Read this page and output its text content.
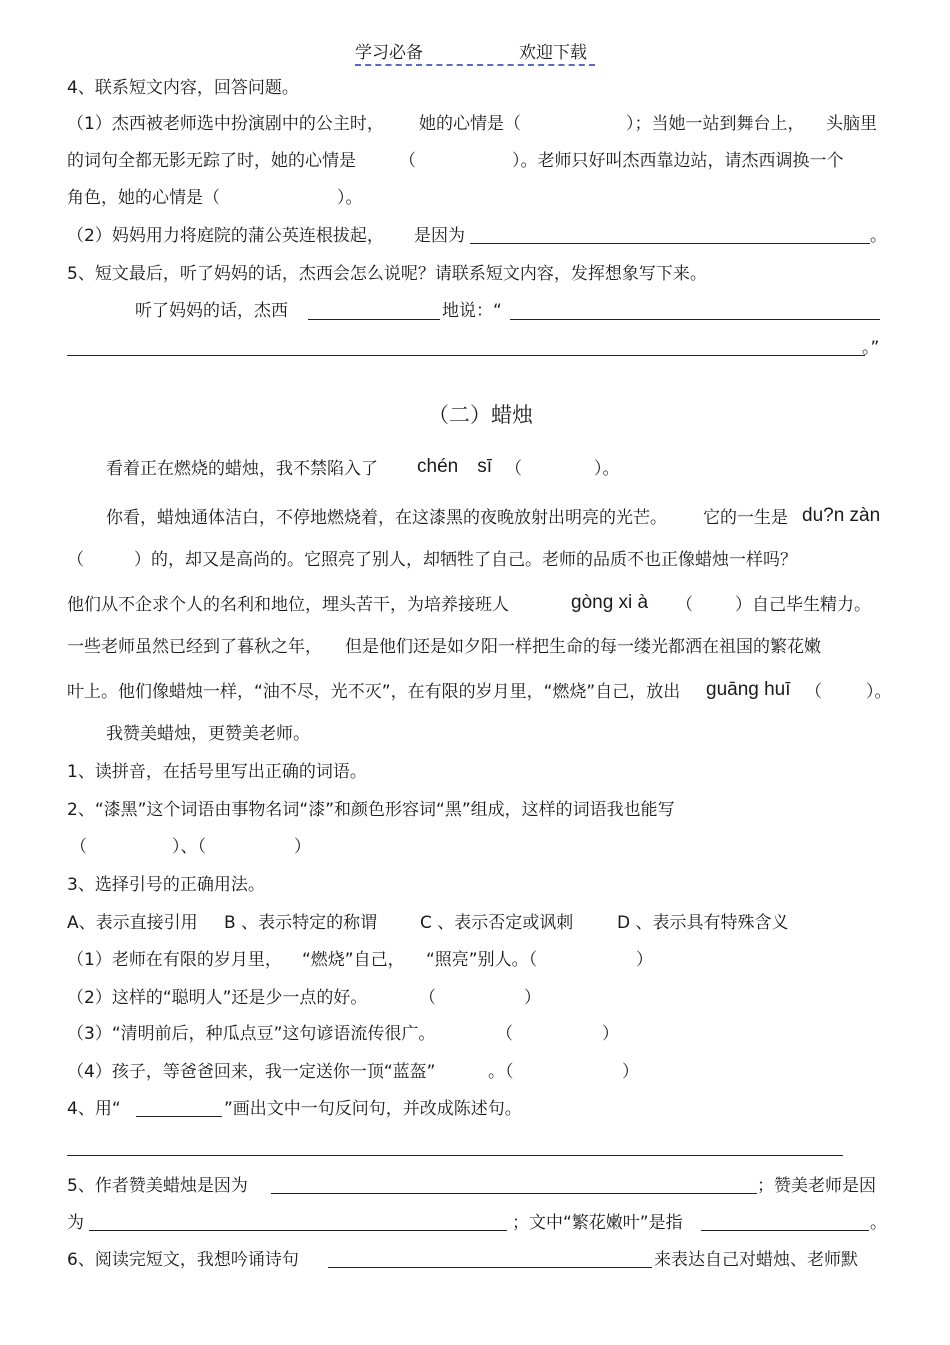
学习必备	欢迎下载
4、联系短文内容，回答问题。
（1）杰西被老师选中扮演剧中的公主时， 她的心情是（	）；当她一站到舞台上， 头脑里
的词句全都无影无踪了时，她的心情是	（	）。老师只好叫杰西靠边站，请杰西调换一个
角色，她的心情是（	）。
（2）妈妈用力将庭院的蒲公英连根拔起， 是因为	。
5、短文最后，听了妈妈的话，杰西会怎么说呢？请联系短文内容，发挥想象写下来。
听了妈妈的话，杰西	地说：“
。”
（二）蜡烛
看着正在燃烧的蜡烛，我不禁陷入了 chén　sī （	）。
你看，蜡烛通体洁白，不停地燃烧着，在这漆黑的夜晚放射出明亮的光芒。 它的一生是 du?n zàn
（	）的，却又是高尚的。它照亮了别人，却牺牲了自己。老师的品质不也正像蜡烛一样吗？
他们从不企求个人的名利和地位，埋头苦干，为培养接班人	gòng xi à （ ）自己毕生精力。
一些老师虽然已经到了暮秋之年， 但是他们还是如夕阳一样把生命的每一缕光都洒在祖国的繁花嫩
叶上。他们像蜡烛一样，“油不尽，光不灭”，在有限的岁月里，“燃烧”自己，放出 guāng huī （	）。
我赞美蜡烛，更赞美老师。
1、读拼音，在括号里写出正确的词语。
2、“漆黑”这个词语由事物名词“漆”和颜色形容词“黑”组成，这样的词语我也能写
（	）、（	）
3、选择引号的正确用法。
A、表示直接引用 B 、表示特定的称谓	C 、表示否定或讽刺	D 、表示具有特殊含义
（1）老师在有限的岁月里， “燃烧”自己， “照亮”别人。（	）
（2）这样的“聪明人”还是少一点的好。	（	）
（3）“清明前后，种瓜点豆”这句谚语流传很广。	（	）
（4）孩子，等爸爸回来，我一定送你一顶“蓝盔”	。（	）
4、用“	”画出文中一句反问句，并改成陈述句。
5、作者赞美蜡烛是因为	；赞美老师是因
为	；文中“繁花嫩叶”是指	。
6、阅读完短文，我想吟诵诗句	来表达自己对蜡烛、老师默
